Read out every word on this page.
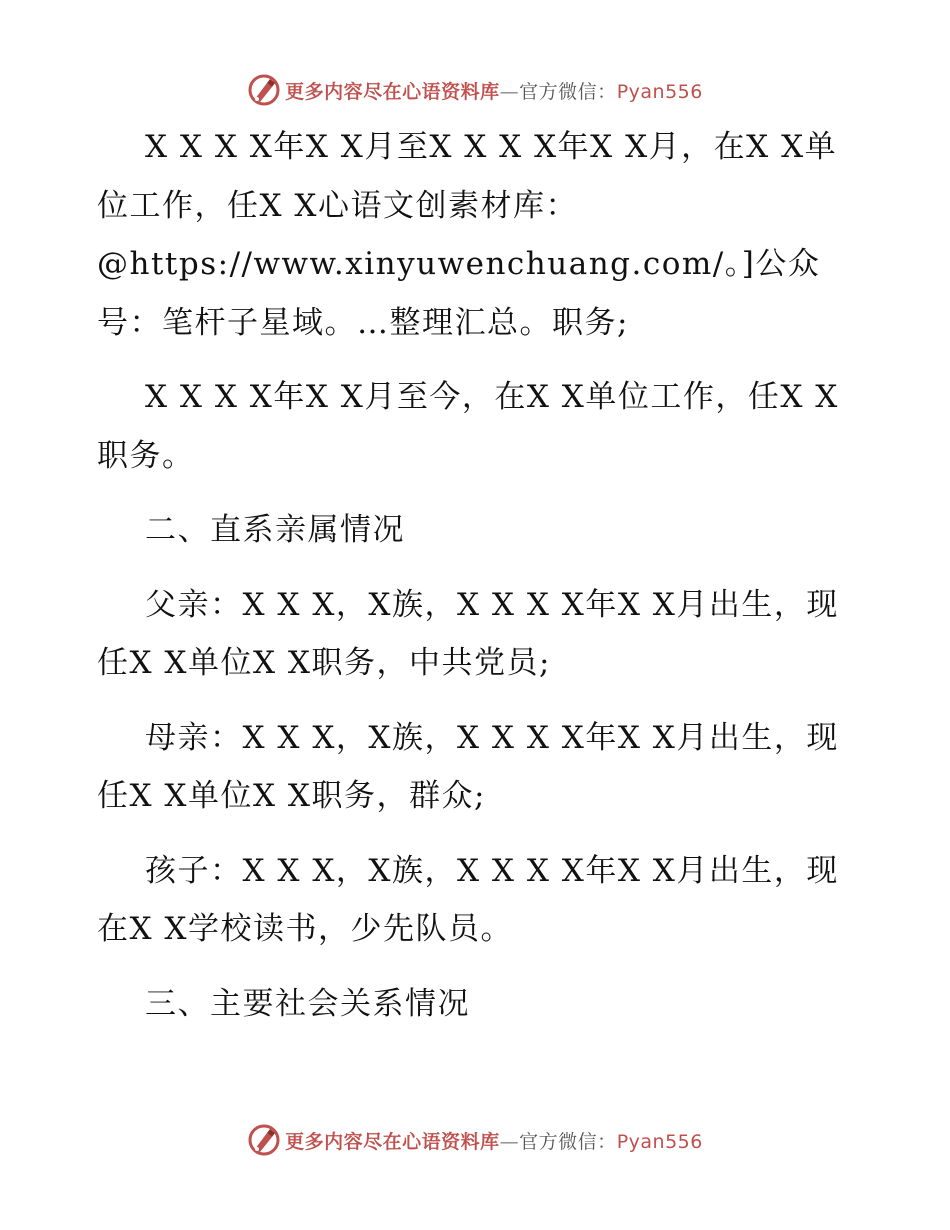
更多内容尽在心语资料库—官方微信：Pyan556

X X X X年X X月至X X X X年X X月，在X X单位工作，任X X心语文创素材库：@https://www.xinyuwenchuang.com/。]公众号：笔杆子星域。…整理汇总。职务;

X X X X年X X月至今，在X X单位工作，任X X职务。

二、直系亲属情况

父亲：X X X，X族，X X X X年X X月出生，现任X X单位X X职务，中共党员;

母亲：X X X，X族，X X X X年X X月出生，现任X X单位X X职务，群众;

孩子：X X X，X族，X X X X年X X月出生，现在X X学校读书，少先队员。

三、主要社会关系情况

更多内容尽在心语资料库—官方微信：Pyan556
